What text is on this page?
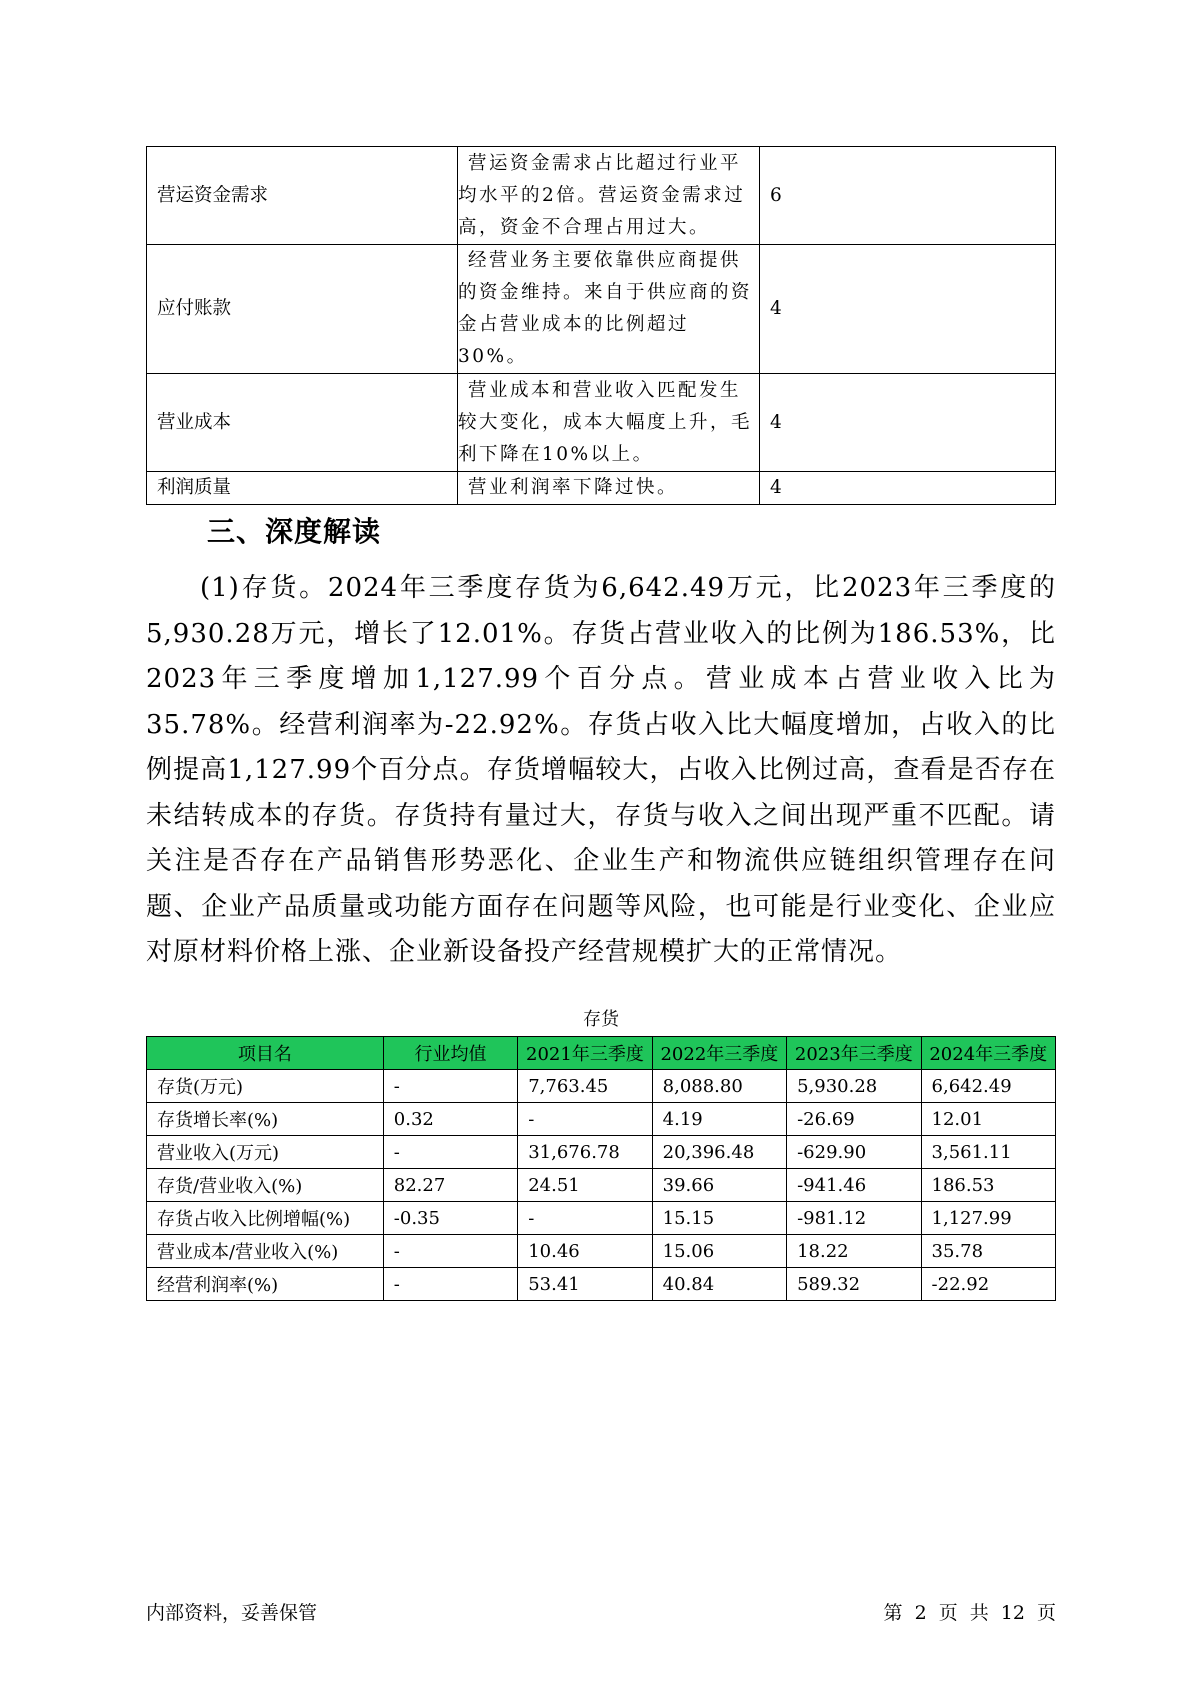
营运资金需求	营运资金需求占比超过行业平均水平的2倍。营运资金需求过高，资金不合理占用过大。	6
应付账款	经营业务主要依靠供应商提供的资金维持。来自于供应商的资金占营业成本的比例超过30%。	4
营业成本	营业成本和营业收入匹配发生较大变化，成本大幅度上升，毛利下降在10%以上。	4
利润质量	营业利润率下降过快。	4
三、深度解读
(1)存货。2024年三季度存货为6,642.49万元，比2023年三季度的5,930.28万元，增长了12.01%。存货占营业收入的比例为186.53%，比2023年三季度增加1,127.99个百分点。营业成本占营业收入比为35.78%。经营利润率为-22.92%。存货占收入比大幅度增加，占收入的比例提高1,127.99个百分点。存货增幅较大，占收入比例过高，查看是否存在未结转成本的存货。存货持有量过大，存货与收入之间出现严重不匹配。请关注是否存在产品销售形势恶化、企业生产和物流供应链组织管理存在问题、企业产品质量或功能方面存在问题等风险，也可能是行业变化、企业应对原材料价格上涨、企业新设备投产经营规模扩大的正常情况。
存货
项目名	行业均值	2021年三季度	2022年三季度	2023年三季度	2024年三季度
存货(万元)	-	7,763.45	8,088.80	5,930.28	6,642.49
存货增长率(%)	0.32	-	4.19	-26.69	12.01
营业收入(万元)	-	31,676.78	20,396.48	-629.90	3,561.11
存货/营业收入(%)	82.27	24.51	39.66	-941.46	186.53
存货占收入比例增幅(%)	-0.35	-	15.15	-981.12	1,127.99
营业成本/营业收入(%)	-	10.46	15.06	18.22	35.78
经营利润率(%)	-	53.41	40.84	589.32	-22.92
内部资料，妥善保管	第 2 页 共 12 页
